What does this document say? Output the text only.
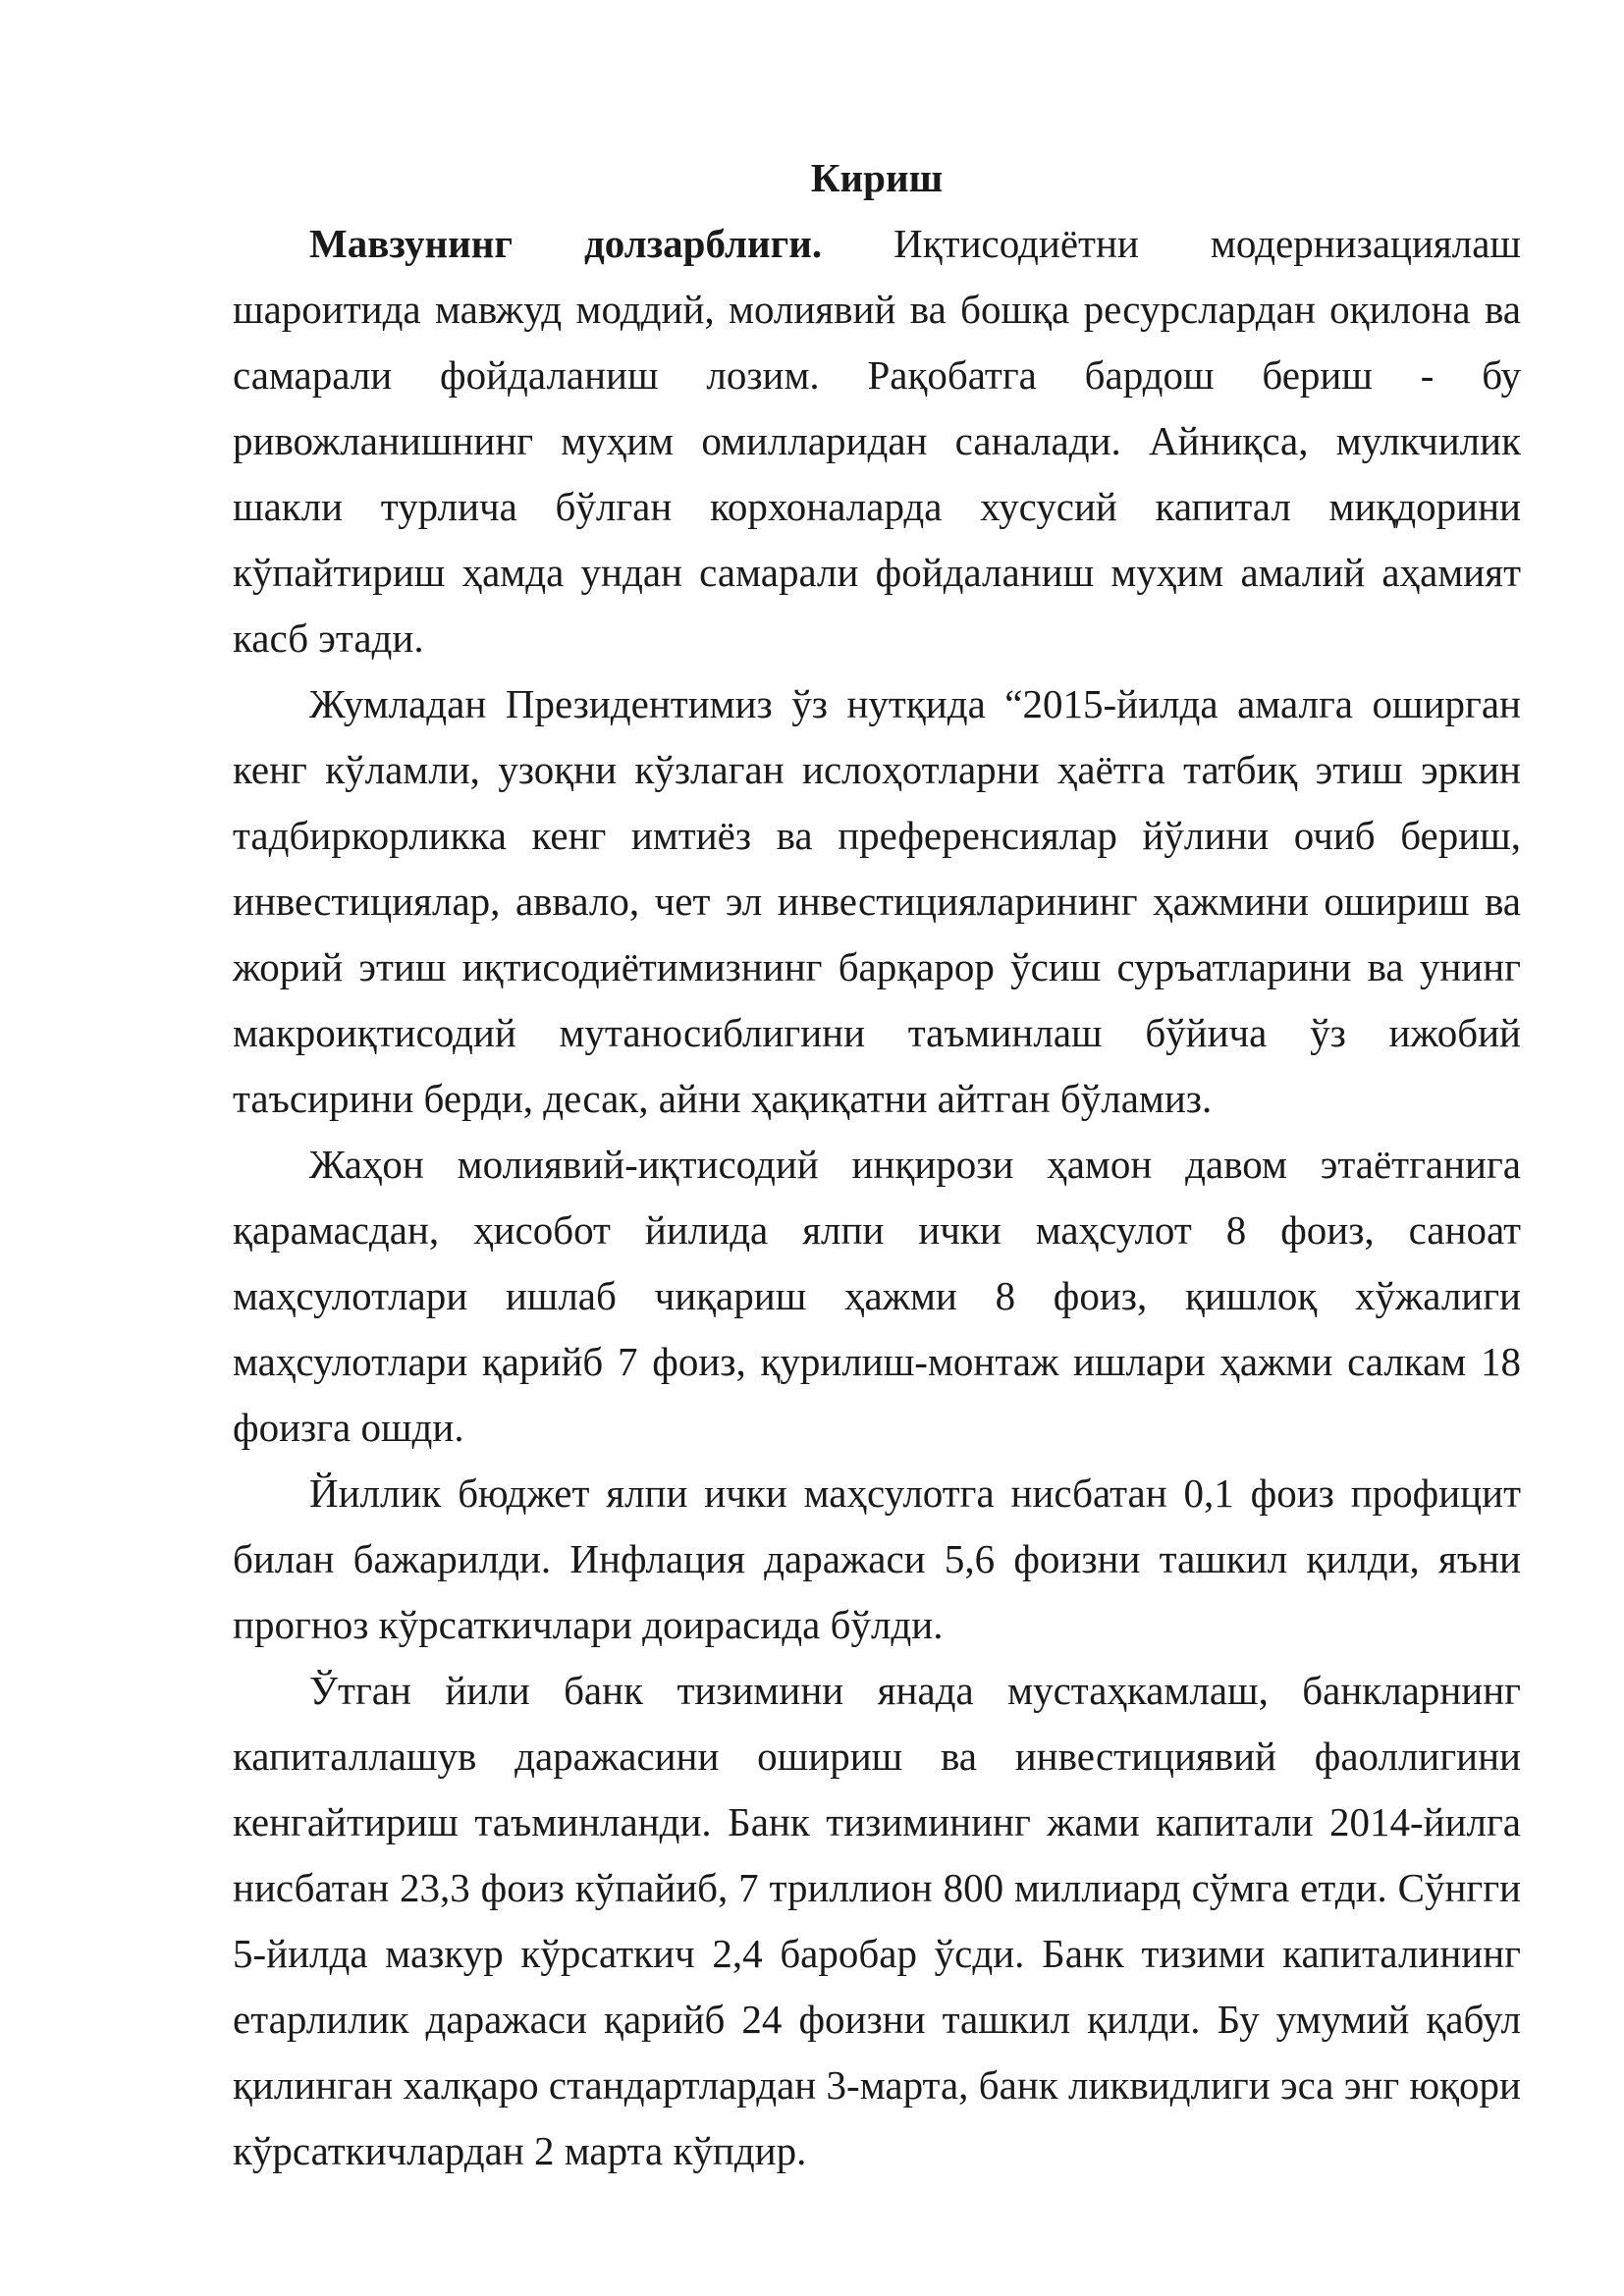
Кириш

Мавзунинг долзарблиги. Иқтисодиётни модернизациялаш шароитида мавжуд моддий, молиявий ва бошқа ресурслардан оқилона ва самарали фойдаланиш лозим. Рақобатга бардош бериш - бу ривожланишнинг муҳим омилларидан саналади. Айниқса, мулкчилик шакли турлича бўлган корхоналарда хусусий капитал миқдорини кўпайтириш ҳамда ундан самарали фойдаланиш муҳим амалий аҳамият касб этади.

Жумладан Президентимиз ўз нутқида “2015-йилда амалга оширган кенг кўламли, узоқни кўзлаган ислоҳотларни ҳаётга татбиқ этиш эркин тадбиркорликка кенг имтиёз ва преференсиялар йўлини очиб бериш, инвестициялар, аввало, чет эл инвестицияларининг ҳажмини ошириш ва жорий этиш иқтисодиётимизнинг барқарор ўсиш суръатларини ва унинг макроиқтисодий мутаносиблигини таъминлаш бўйича ўз ижобий таъсирини берди, десак, айни ҳақиқатни айтган бўламиз.

Жаҳон молиявий-иқтисодий инқирози ҳамон давом этаётганига қарамасдан, ҳисобот йилида ялпи ички маҳсулот 8 фоиз, саноат маҳсулотлари ишлаб чиқариш ҳажми 8 фоиз, қишлоқ хўжалиги маҳсулотлари қарийб 7 фоиз, қурилиш-монтаж ишлари ҳажми салкам 18 фоизга ошди.

Йиллик бюджет ялпи ички маҳсулотга нисбатан 0,1 фоиз профицит билан бажарилди. Инфлация даражаси 5,6 фоизни ташкил қилди, яъни прогноз кўрсаткичлари доирасида бўлди.

Ўтган йили банк тизимини янада мустаҳкамлаш, банкларнинг капиталлашув даражасини ошириш ва инвестициявий фаоллигини кенгайтириш таъминланди. Банк тизимининг жами капитали 2014-йилга нисбатан 23,3 фоиз кўпайиб, 7 триллион 800 миллиард сўмга етди. Сўнгги 5-йилда мазкур кўрсаткич 2,4 баробар ўсди. Банк тизими капиталининг етарлилик даражаси қарийб 24 фоизни ташкил қилди. Бу умумий қабул қилинган халқаро стандартлардан 3-марта, банк ликвидлиги эса энг юқори кўрсаткичлардан 2 марта кўпдир.
